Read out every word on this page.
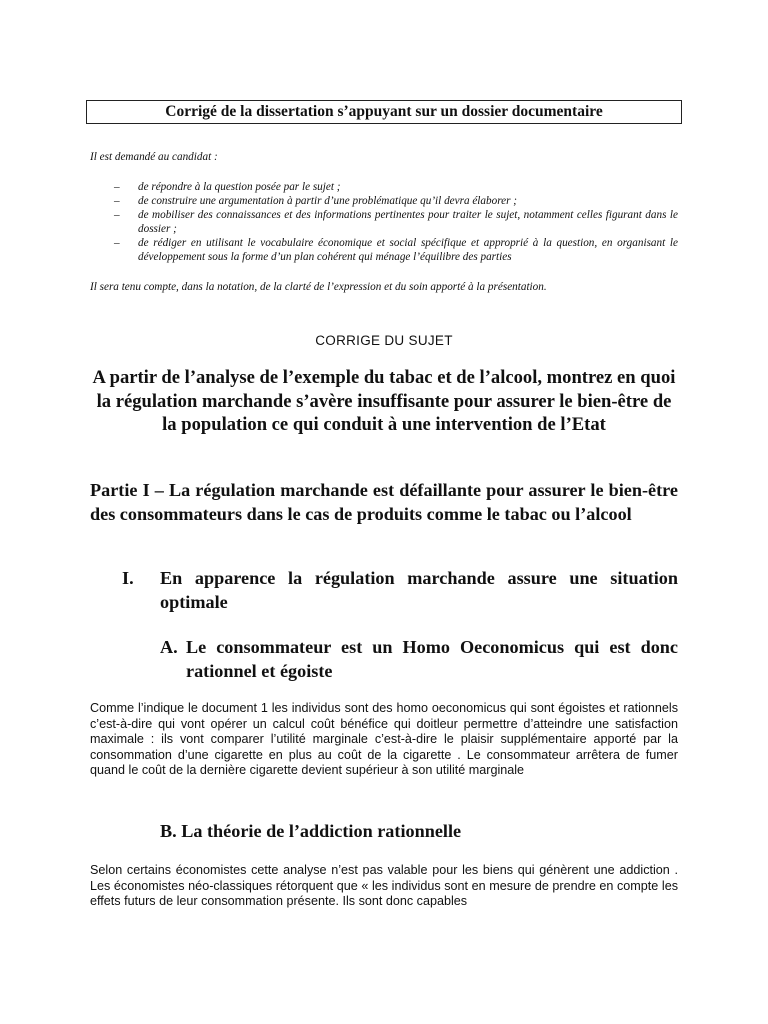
Corrigé de la dissertation s’appuyant sur un dossier documentaire

Il est demandé au candidat :

– de répondre à la question posée par le sujet ;
– de construire une argumentation à partir d’une problématique qu’il devra élaborer ;
– de mobiliser des connaissances et des informations pertinentes pour traiter le sujet, notamment celles figurant dans le dossier ;
– de rédiger en utilisant le vocabulaire économique et social spécifique et approprié à la question, en organisant le développement sous la forme d’un plan cohérent qui ménage l’équilibre des parties

Il sera tenu compte, dans la notation, de la clarté de l’expression et du soin apporté à la présentation.

CORRIGE DU SUJET
A partir de l’analyse de l’exemple du tabac et de l’alcool, montrez en quoi la régulation marchande s’avère insuffisante pour assurer le bien-être de la population ce qui conduit à une intervention de l’Etat
Partie I – La régulation marchande est défaillante pour assurer le bien-être des consommateurs dans le cas de produits comme le tabac ou l’alcool
I. En apparence la régulation marchande assure une situation optimale
A. Le consommateur est un Homo Oeconomicus qui est donc rationnel et égoiste
Comme l’indique le document 1 les individus sont des homo oeconomicus qui sont égoistes et rationnels c’est-à-dire qui vont opérer un calcul coût bénéfice qui doitleur permettre d’atteindre une satisfaction maximale : ils vont comparer l’utilité marginale c’est-à-dire le plaisir supplémentaire apporté par la consommation d’une cigarette en plus au coût de la cigarette . Le consommateur arrêtera de fumer quand le coût de la dernière cigarette devient supérieur à son utilité marginale
B. La théorie de l’addiction rationnelle
Selon certains économistes cette analyse n’est pas valable pour les biens qui génèrent une addiction . Les économistes néo-classiques rétorquent que « les individus sont en mesure de prendre en compte les effets futurs de leur consommation présente. Ils sont donc capables
